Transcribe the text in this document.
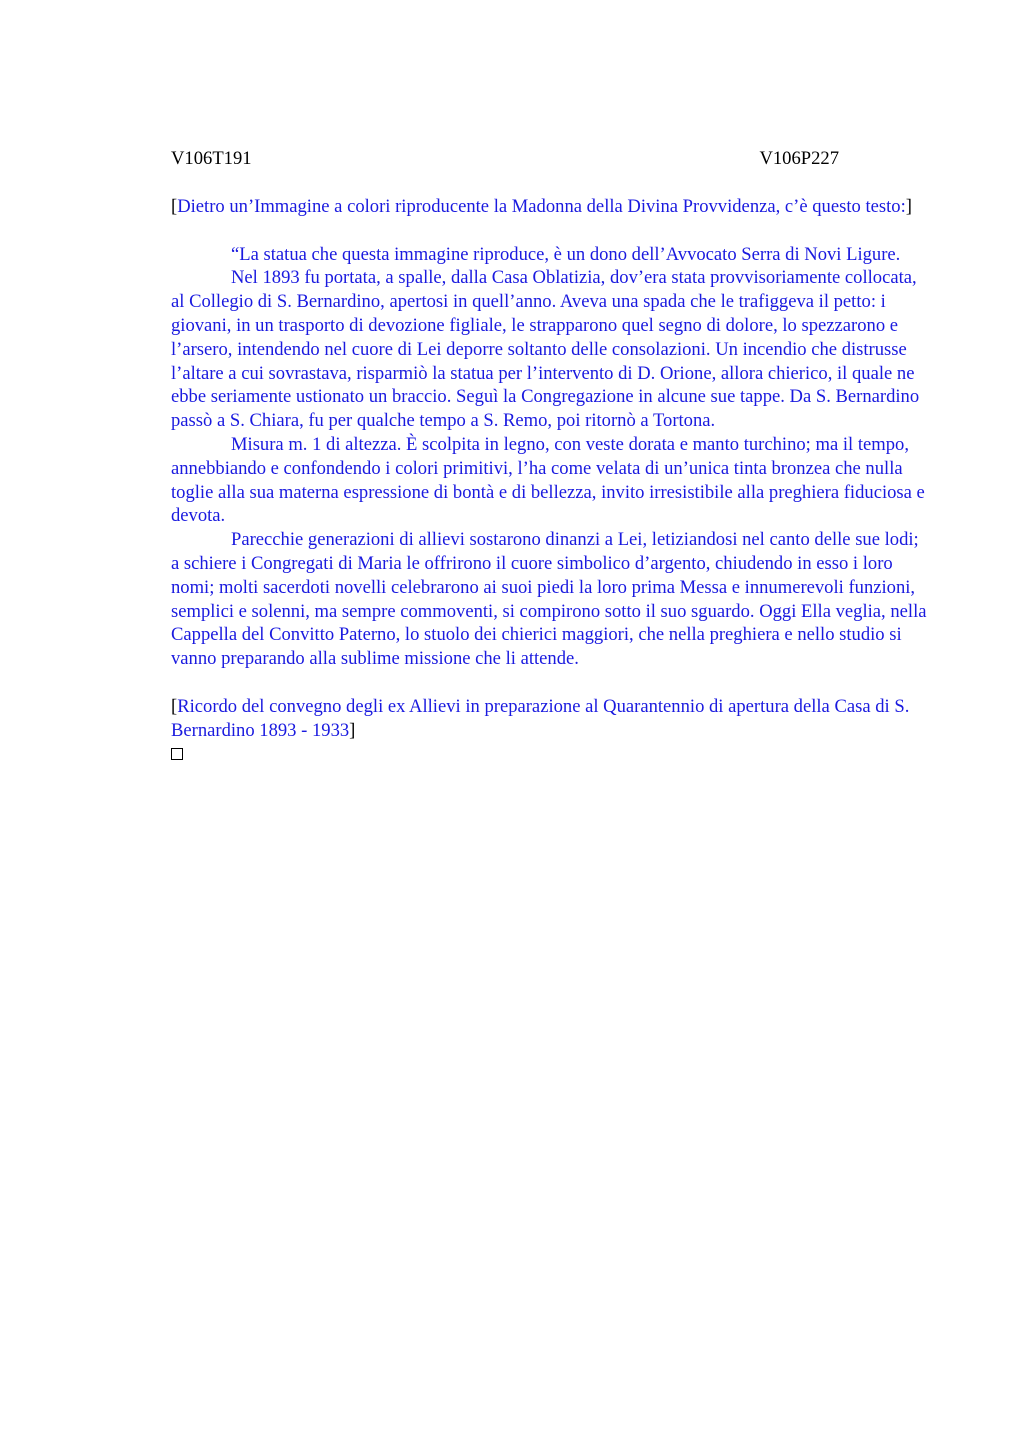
V106T191	V106P227

[Dietro un’Immagine a colori riproducente la Madonna della Divina Provvidenza, c’è questo testo:]

“La statua che questa immagine riproduce, è un dono dell’Avvocato Serra di Novi Ligure.

Nel 1893 fu portata, a spalle, dalla Casa Oblatizia, dov’era stata provvisoriamente collocata, al Collegio di S. Bernardino, apertosi in quell’anno. Aveva una spada che le trafiggeva il petto: i giovani, in un trasporto di devozione figliale, le strapparono quel segno di dolore, lo spezzarono e l’arsero, intendendo nel cuore di Lei deporre soltanto delle consolazioni. Un incendio che distrusse l’altare a cui sovrastava, risparmiò la statua per l’intervento di D. Orione, allora chierico, il quale ne ebbe seriamente ustionato un braccio. Seguì la Congregazione in alcune sue tappe. Da S. Bernardino passò a S. Chiara, fu per qualche tempo a S. Remo, poi ritornò a Tortona.

Misura m. 1 di altezza. È scolpita in legno, con veste dorata e manto turchino; ma il tempo, annebbiando e confondendo i colori primitivi, l’ha come velata di un’unica tinta bronzea che nulla toglie alla sua materna espressione di bontà e di bellezza, invito irresistibile alla preghiera fiduciosa e devota.

Parecchie generazioni di allievi sostarono dinanzi a Lei, letiziandosi nel canto delle sue lodi; a schiere i Congregati di Maria le offrirono il cuore simbolico d’argento, chiudendo in esso i loro nomi; molti sacerdoti novelli celebrarono ai suoi piedi la loro prima Messa e innumerevoli funzioni, semplici e solenni, ma sempre commoventi, si compirono sotto il suo sguardo. Oggi Ella veglia, nella Cappella del Convitto Paterno, lo stuolo dei chierici maggiori, che nella preghiera e nello studio si vanno preparando alla sublime missione che li attende.

[Ricordo del convegno degli ex Allievi in preparazione al Quarantennio di apertura della Casa di S. Bernardino 1893 - 1933]
